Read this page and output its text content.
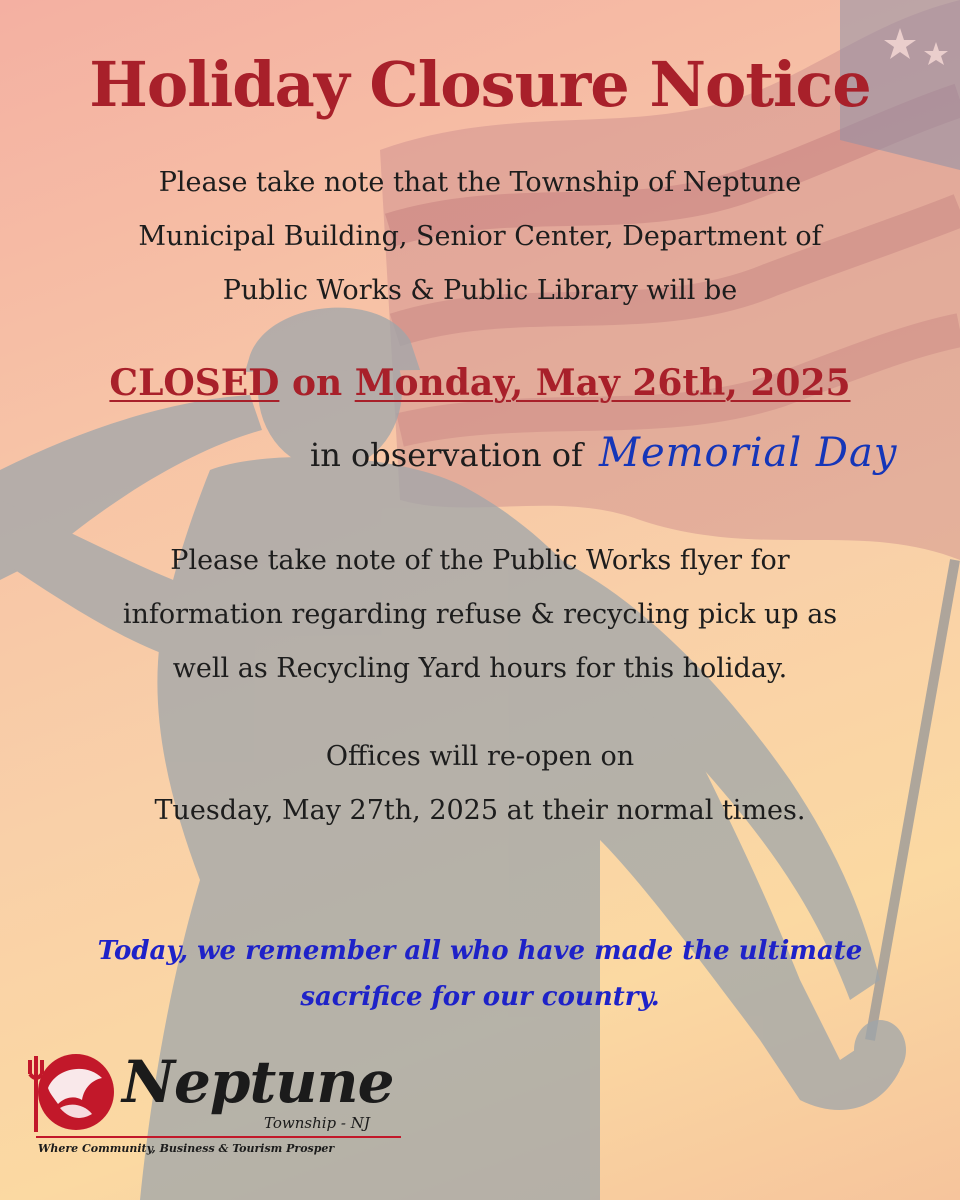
Holiday Closure Notice
Please take note that the Township of Neptune
Municipal Building, Senior Center, Department of
Public Works & Public Library will be
CLOSED on Monday, May 26th, 2025
in observation of Memorial Day
Please take note of the Public Works flyer for
information regarding refuse & recycling pick up as
well as Recycling Yard hours for this holiday.
Offices will re-open on
Tuesday, May 27th, 2025 at their normal times.
Today, we remember all who have made the ultimate
sacrifice for our country.
Neptune
Township - NJ
Where Community, Business & Tourism Prosper
